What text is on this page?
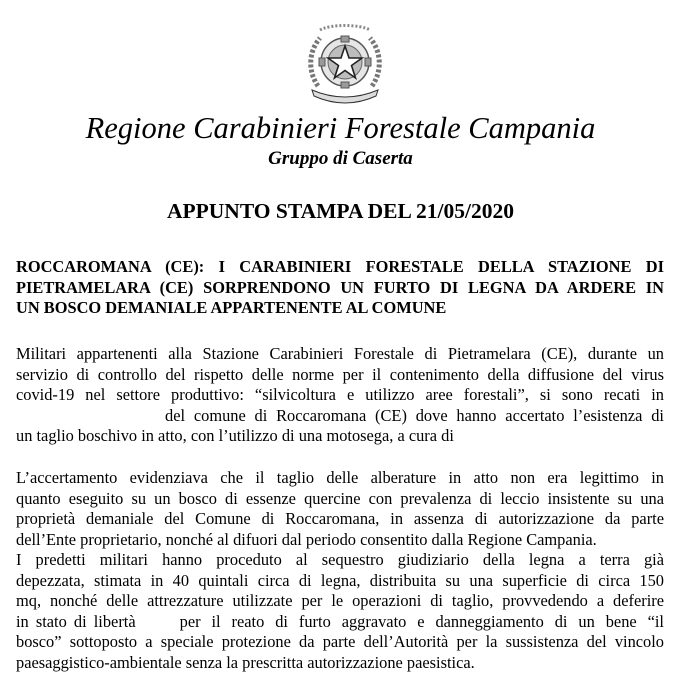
Regione Carabinieri Forestale Campania
Gruppo di Caserta
APPUNTO STAMPA DEL 21/05/2020
ROCCAROMANA (CE): I CARABINIERI FORESTALE DELLA STAZIONE DI
PIETRAMELARA (CE) SORPRENDONO UN FURTO DI LEGNA DA ARDERE IN
UN BOSCO DEMANIALE APPARTENENTE AL COMUNE
Militari appartenenti alla Stazione Carabinieri Forestale di Pietramelara (CE), durante un
servizio di controllo del rispetto delle norme per il contenimento della diffusione del virus
covid-19 nel settore produttivo: “silvicoltura e utilizzo aree forestali”, si sono recati in
del comune di Roccaromana (CE) dove hanno accertato l’esistenza di
un taglio boschivo in atto, con l’utilizzo di una motosega, a cura di
L’accertamento evidenziava che il taglio delle alberature in atto non era legittimo in
quanto eseguito su un bosco di essenze quercine con prevalenza di leccio insistente su una
proprietà demaniale del Comune di Roccaromana, in assenza di autorizzazione da parte
dell’Ente proprietario, nonché al difuori dal periodo consentito dalla Regione Campania.
I predetti militari hanno proceduto al sequestro giudiziario della legna a terra già
depezzata, stimata in 40 quintali circa di legna, distribuita su una superficie di circa 150
mq, nonché delle attrezzature utilizzate per le operazioni di taglio, provvedendo a deferire
in stato di libertà	per il reato di furto aggravato e danneggiamento di un bene “il
bosco” sottoposto a speciale protezione da parte dell’Autorità per la sussistenza del vincolo
paesaggistico-ambientale senza la prescritta autorizzazione paesistica.
